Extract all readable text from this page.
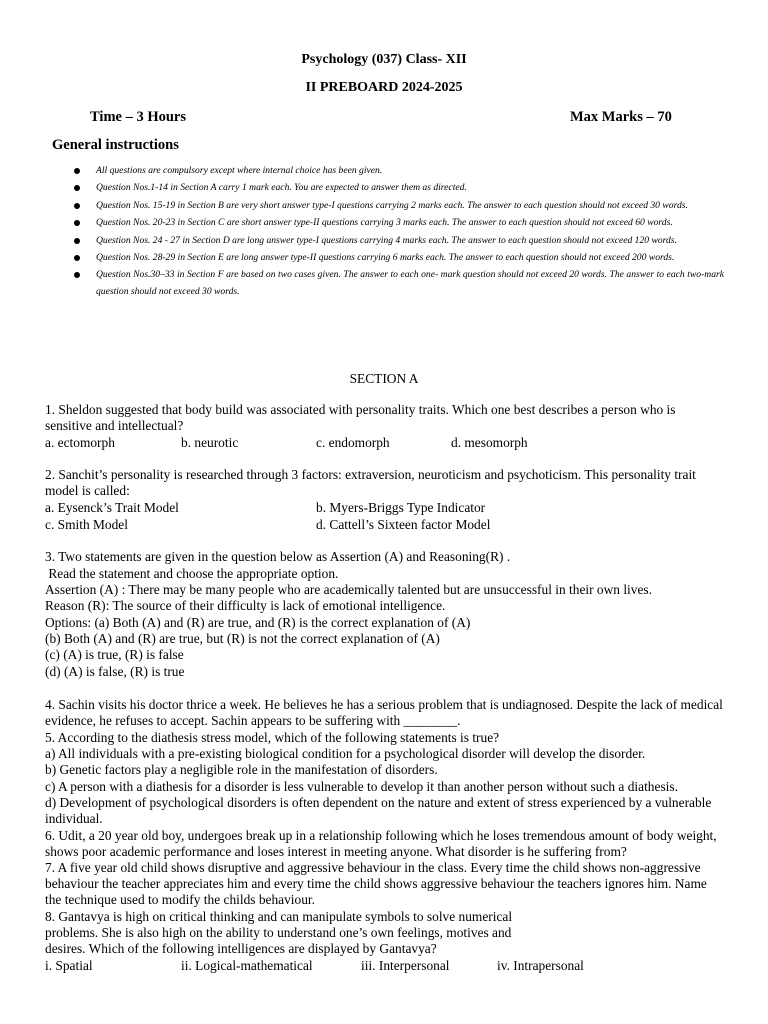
Psychology (037) Class- XII
II PREBOARD 2024-2025
Time – 3 Hours	Max Marks – 70
General instructions
All questions are compulsory except where internal choice has been given.
Question Nos.1-14 in Section A carry 1 mark each. You are expected to answer them as directed.
Question Nos. 15-19 in Section B are very short answer type-I questions carrying 2 marks each. The answer to each question should not exceed 30 words.
Question Nos. 20-23 in Section C are short answer type-II questions carrying 3 marks each. The answer to each question should not exceed 60 words.
Question Nos. 24 - 27 in Section D are long answer type-I questions carrying 4 marks each. The answer to each question should not exceed 120 words.
Question Nos. 28-29 in Section E are long answer type-II questions carrying 6 marks each. The answer to each question should not exceed 200 words.
Question Nos.30–33 in Section F are based on two cases given. The answer to each one- mark question should not exceed 20 words. The answer to each two-mark question should not exceed 30 words.
SECTION A
1. Sheldon suggested that body build was associated with personality traits. Which one best describes a person who is sensitive and intellectual?
a. ectomorph	b. neurotic	c. endomorph	d. mesomorph
2. Sanchit’s personality is researched through 3 factors: extraversion, neuroticism and psychoticism. This personality trait model is called:
a. Eysenck’s Trait Model	b. Myers-Briggs Type Indicator
c. Smith Model	d. Cattell’s Sixteen factor Model
3. Two statements are given in the question below as Assertion (A) and Reasoning(R) .
Read the statement and choose the appropriate option.
Assertion (A) : There may be many people who are academically talented but are unsuccessful in their own lives.
Reason (R): The source of their difficulty is lack of emotional intelligence.
Options: (a) Both (A) and (R) are true, and (R) is the correct explanation of (A)
(b) Both (A) and (R) are true, but (R) is not the correct explanation of (A)
(c) (A) is true, (R) is false
(d) (A) is false, (R) is true
4. Sachin visits his doctor thrice a week. He believes he has a serious problem that is undiagnosed. Despite the lack of medical evidence, he refuses to accept. Sachin appears to be suffering with ________.
5. According to the diathesis stress model, which of the following statements is true?
a) All individuals with a pre-existing biological condition for a psychological disorder will develop the disorder.
b) Genetic factors play a negligible role in the manifestation of disorders.
c) A person with a diathesis for a disorder is less vulnerable to develop it than another person without such a diathesis.
d) Development of psychological disorders is often dependent on the nature and extent of stress experienced by a vulnerable individual.
6. Udit, a 20 year old boy, undergoes break up in a relationship following which he loses tremendous amount of body weight, shows poor academic performance and loses interest in meeting anyone. What disorder is he suffering from?
7. A five year old child shows disruptive and aggressive behaviour in the class. Every time the child shows non-aggressive behaviour the teacher appreciates him and every time the child shows aggressive behaviour the teachers ignores him. Name the technique used to modify the childs behaviour.
8. Gantavya is high on critical thinking and can manipulate symbols to solve numerical
problems. She is also high on the ability to understand one’s own feelings, motives and
desires. Which of the following intelligences are displayed by Gantavya?
i. Spatial	ii. Logical-mathematical	iii. Interpersonal	iv. Intrapersonal
